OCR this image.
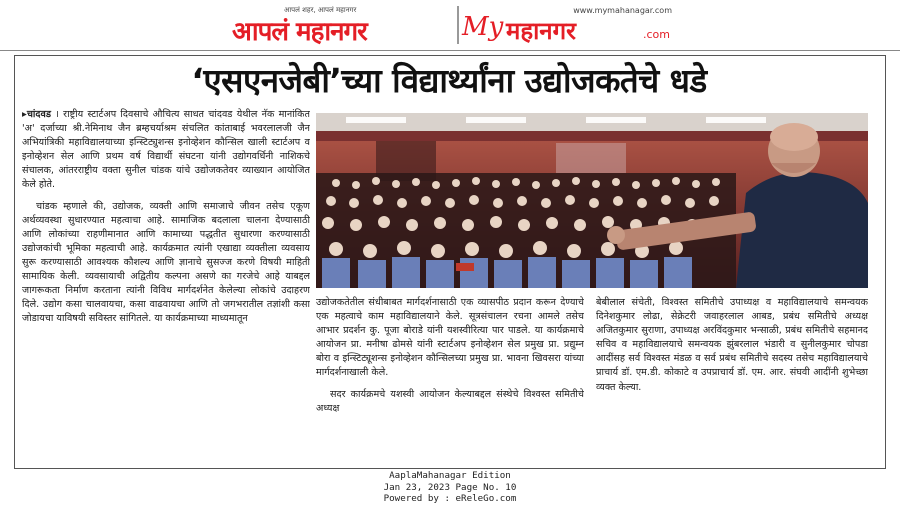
आपलं शहर, आपलं महानगर
आपलं महानगर
www.mymahanagar.com
My महानगर	.com
‘एसएनजेबी’च्या विद्यार्थ्यांना उद्योजकतेचे धडे

▸चांदवड । राष्ट्रीय स्टार्टअप दिवसाचे औचित्य साधत चांदवड येथील नॅक मानांकित 'अ' दर्जाच्या श्री.नेमिनाथ जैन ब्रम्हचर्याश्रम संचलित कांताबाई भवरलालजी जैन अभियांत्रिकी महाविद्यालयाच्या इन्स्टिट्युशन्स इनोव्हेशन कौन्सिल खाली स्टार्टअप व इनोव्हेशन सेल आणि प्रथम वर्ष विद्यार्थी संघटना यांनी उद्योगवर्धिनी नाशिकचे संचालक, आंतरराष्ट्रीय वक्ता सुनील चांडक यांचे उद्योजकतेवर व्याख्यान आयोजित केले होते.

चांडक म्हणाले की, उद्योजक, व्यक्ती आणि समाजाचे जीवन तसेच एकूण अर्थव्यवस्था सुधारण्यात महत्वाचा आहे. सामाजिक बदलाला चालना देण्यासाठी आणि लोकांच्या राहणीमानात आणि कामाच्या पद्धतीत सुधारणा करण्यासाठी उद्योजकांची भूमिका महत्वाची आहे. कार्यक्रमात त्यांनी एखाद्या व्यक्तीला व्यवसाय सुरू करण्यासाठी आवश्यक कौशल्य आणि ज्ञानाचे सुसज्ज करणे विषयी माहिती सामायिक केली. व्यवसायाची अद्वितीय कल्पना असणे का गरजेचे आहे याबद्दल जागरूकता निर्माण करताना त्यांनी विविध मार्गदर्शनेत केलेल्या लोकांचे उदाहरण दिले. उद्योग कसा चालवायचा, कसा वाढवायचा आणि तो जगभरातील तज्ञांशी कसा जोडायचा याविषयी सविस्तर सांगितले. या कार्यक्रमाच्या माध्यमातून

उद्योजकतेतील संधीबाबत मार्गदर्शनासाठी एक व्यासपीठ प्रदान करून देण्याचे एक महत्वाचे काम महाविद्यालयाने केले. सूत्रसंचालन रचना आमले तसेच आभार प्रदर्शन कु. पूजा बोराडे यांनी यशस्वीरित्या पार पाडले. या कार्यक्रमाचे आयोजन प्रा. मनीषा ढोमसे यांनी स्टार्टअप इनोव्हेशन सेल प्रमुख प्रा. प्रद्युम्न बोरा व इन्स्टिट्यूशन्स इनोव्हेशन कौन्सिलच्या प्रमुख प्रा. भावना खिवसरा यांच्या मार्गदर्शनाखाली केले.

सदर कार्यक्रमचे यशस्वी आयोजन केल्याबद्दल संस्थेचे विश्वस्त समितीचे अध्यक्ष

बेबीलाल संचेती, विश्वस्त समितीचे उपाध्यक्ष व महाविद्यालयाचे समन्वयक दिनेशकुमार लोढा, सेक्रेटरी जवाहरलाल आबड, प्रबंध समितीचे अध्यक्ष अजितकुमार सुराणा, उपाध्यक्ष अरविंदकुमार भन्साळी, प्रबंध समितीचे सहमानद सचिव व महाविद्यालयाचे समन्वयक झुंबरलाल भंडारी व सुनीलकुमार चोपडा आदींसह सर्व विश्वस्त मंडळ व सर्व प्रबंध समितीचे सदस्य तसेच महाविद्यालयाचे प्राचार्य डॉ. एम.डी. कोकाटे व उपप्राचार्य डॉ. एम. आर. संघवी आदींनी शुभेच्छा व्यक्त केल्या.

AaplaMahanagar Edition
Jan 23, 2023 Page No. 10
Powered by : eReleGo.com
